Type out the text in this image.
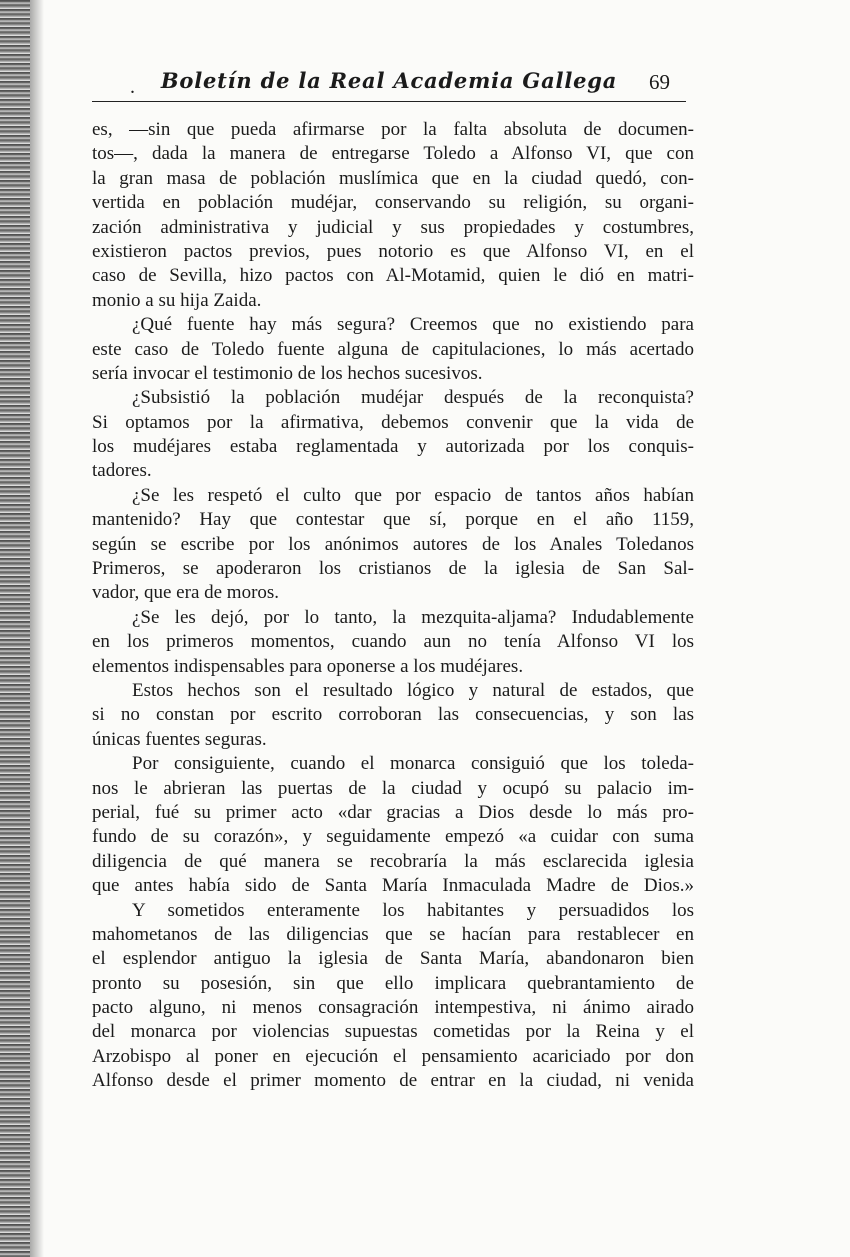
.	Boletín de la Real Academia Gallega	69
es, —sin que pueda afirmarse por la falta absoluta de documen-
tos—, dada la manera de entregarse Toledo a Alfonso VI, que con
la gran masa de población muslímica que en la ciudad quedó, con-
vertida en población mudéjar, conservando su religión, su organi-
zación administrativa y judicial y sus propiedades y costumbres,
existieron pactos previos, pues notorio es que Alfonso VI, en el
caso de Sevilla, hizo pactos con Al-Motamid, quien le dió en matri-
monio a su hija Zaida.
¿Qué fuente hay más segura? Creemos que no existiendo para
este caso de Toledo fuente alguna de capitulaciones, lo más acertado
sería invocar el testimonio de los hechos sucesivos.
¿Subsistió la población mudéjar después de la reconquista?
Si optamos por la afirmativa, debemos convenir que la vida de
los mudéjares estaba reglamentada y autorizada por los conquis-
tadores.
¿Se les respetó el culto que por espacio de tantos años habían
mantenido? Hay que contestar que sí, porque en el año 1159,
según se escribe por los anónimos autores de los Anales Toledanos
Primeros, se apoderaron los cristianos de la iglesia de San Sal-
vador, que era de moros.
¿Se les dejó, por lo tanto, la mezquita-aljama? Indudablemente
en los primeros momentos, cuando aun no tenía Alfonso VI los
elementos indispensables para oponerse a los mudéjares.
Estos hechos son el resultado lógico y natural de estados, que
si no constan por escrito corroboran las consecuencias, y son las
únicas fuentes seguras.
Por consiguiente, cuando el monarca consiguió que los toleda-
nos le abrieran las puertas de la ciudad y ocupó su palacio im-
perial, fué su primer acto «dar gracias a Dios desde lo más pro-
fundo de su corazón», y seguidamente empezó «a cuidar con suma
diligencia de qué manera se recobraría la más esclarecida iglesia
que antes había sido de Santa María Inmaculada Madre de Dios.»
Y sometidos enteramente los habitantes y persuadidos los
mahometanos de las diligencias que se hacían para restablecer en
el esplendor antiguo la iglesia de Santa María, abandonaron bien
pronto su posesión, sin que ello implicara quebrantamiento de
pacto alguno, ni menos consagración intempestiva, ni ánimo airado
del monarca por violencias supuestas cometidas por la Reina y el
Arzobispo al poner en ejecución el pensamiento acariciado por don
Alfonso desde el primer momento de entrar en la ciudad, ni venida
